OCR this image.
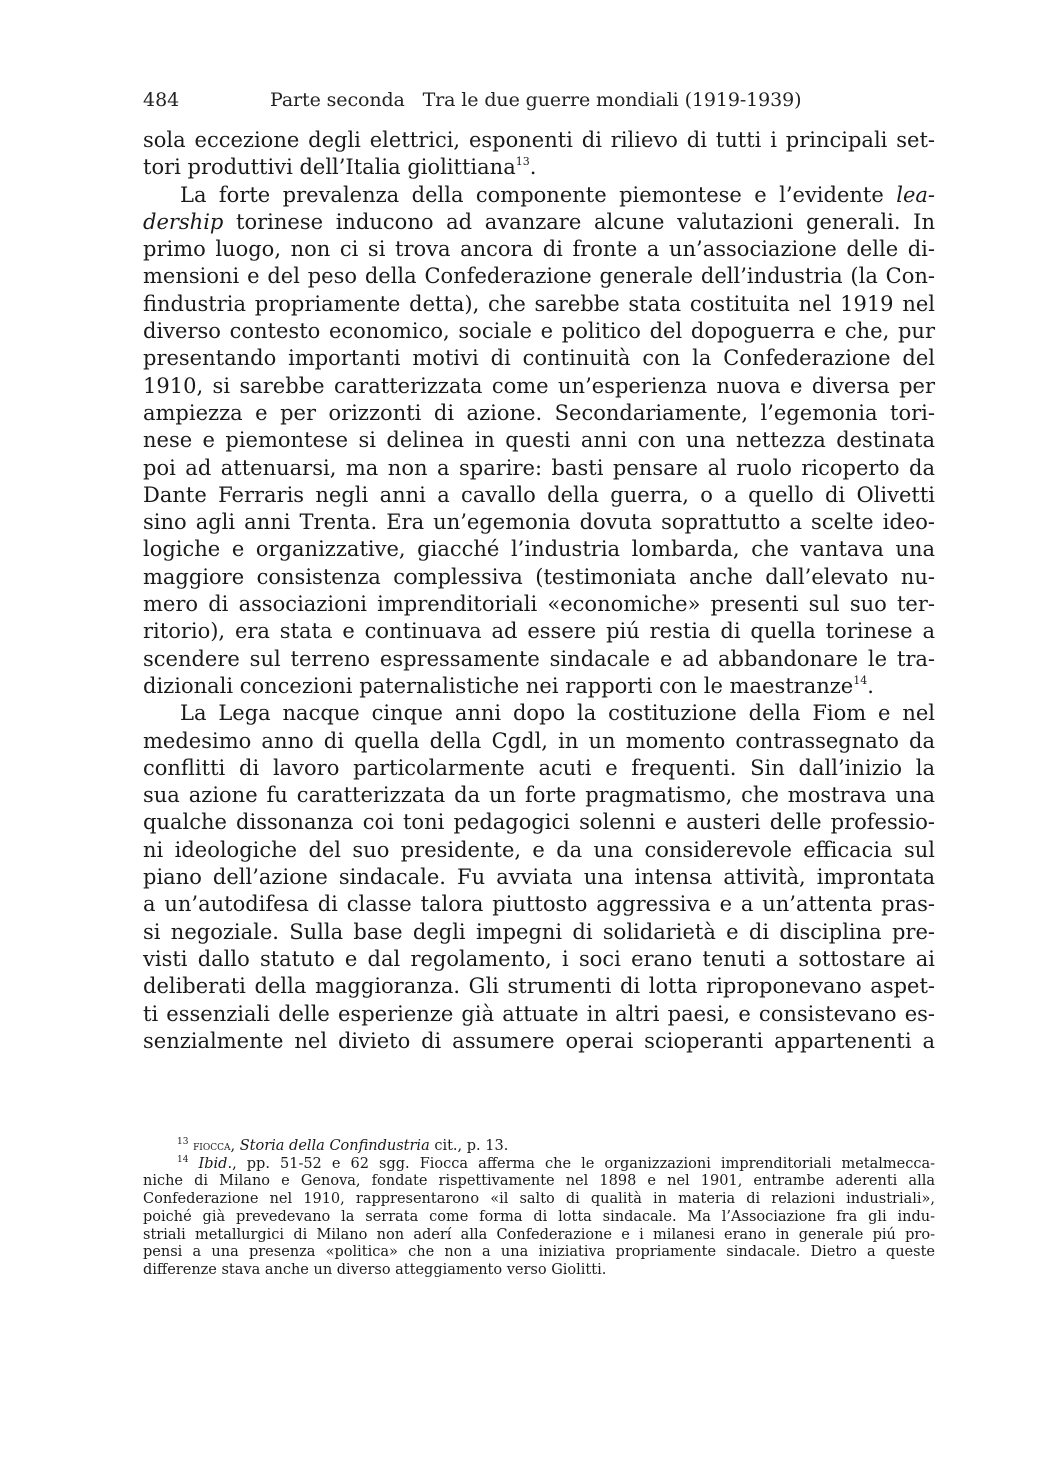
484	Parte seconda   Tra le due guerre mondiali (1919-1939)
sola eccezione degli elettrici, esponenti di rilievo di tutti i principali set-
tori produttivi dell’Italia giolittiana$^{13}$.
La forte prevalenza della componente piemontese e l’evidente lea-
dership torinese inducono ad avanzare alcune valutazioni generali. In
primo luogo, non ci si trova ancora di fronte a un’associazione delle di-
mensioni e del peso della Confederazione generale dell’industria (la Con-
findustria propriamente detta), che sarebbe stata costituita nel 1919 nel
diverso contesto economico, sociale e politico del dopoguerra e che, pur
presentando importanti motivi di continuità con la Confederazione del
1910, si sarebbe caratterizzata come un’esperienza nuova e diversa per
ampiezza e per orizzonti di azione. Secondariamente, l’egemonia tori-
nese e piemontese si delinea in questi anni con una nettezza destinata
poi ad attenuarsi, ma non a sparire: basti pensare al ruolo ricoperto da
Dante Ferraris negli anni a cavallo della guerra, o a quello di Olivetti
sino agli anni Trenta. Era un’egemonia dovuta soprattutto a scelte ideo-
logiche e organizzative, giacché l’industria lombarda, che vantava una
maggiore consistenza complessiva (testimoniata anche dall’elevato nu-
mero di associazioni imprenditoriali «economiche» presenti sul suo ter-
ritorio), era stata e continuava ad essere piú restia di quella torinese a
scendere sul terreno espressamente sindacale e ad abbandonare le tra-
dizionali concezioni paternalistiche nei rapporti con le maestranze$^{14}$.
La Lega nacque cinque anni dopo la costituzione della Fiom e nel
medesimo anno di quella della Cgdl, in un momento contrassegnato da
conflitti di lavoro particolarmente acuti e frequenti. Sin dall’inizio la
sua azione fu caratterizzata da un forte pragmatismo, che mostrava una
qualche dissonanza coi toni pedagogici solenni e austeri delle professio-
ni ideologiche del suo presidente, e da una considerevole efficacia sul
piano dell’azione sindacale. Fu avviata una intensa attività, improntata
a un’autodifesa di classe talora piuttosto aggressiva e a un’attenta pras-
si negoziale. Sulla base degli impegni di solidarietà e di disciplina pre-
visti dallo statuto e dal regolamento, i soci erano tenuti a sottostare ai
deliberati della maggioranza. Gli strumenti di lotta riproponevano aspet-
ti essenziali delle esperienze già attuate in altri paesi, e consistevano es-
senzialmente nel divieto di assumere operai scioperanti appartenenti a
$^{13}$ fiocca, Storia della Confindustria cit., p. 13.
$^{14}$ Ibid., pp. 51-52 e 62 sgg. Fiocca afferma che le organizzazioni imprenditoriali metalmecca-
niche di Milano e Genova, fondate rispettivamente nel 1898 e nel 1901, entrambe aderenti alla
Confederazione nel 1910, rappresentarono «il salto di qualità in materia di relazioni industriali»,
poiché già prevedevano la serrata come forma di lotta sindacale. Ma l’Associazione fra gli indu-
striali metallurgici di Milano non aderí alla Confederazione e i milanesi erano in generale piú pro-
pensi a una presenza «politica» che non a una iniziativa propriamente sindacale. Dietro a queste
differenze stava anche un diverso atteggiamento verso Giolitti.
